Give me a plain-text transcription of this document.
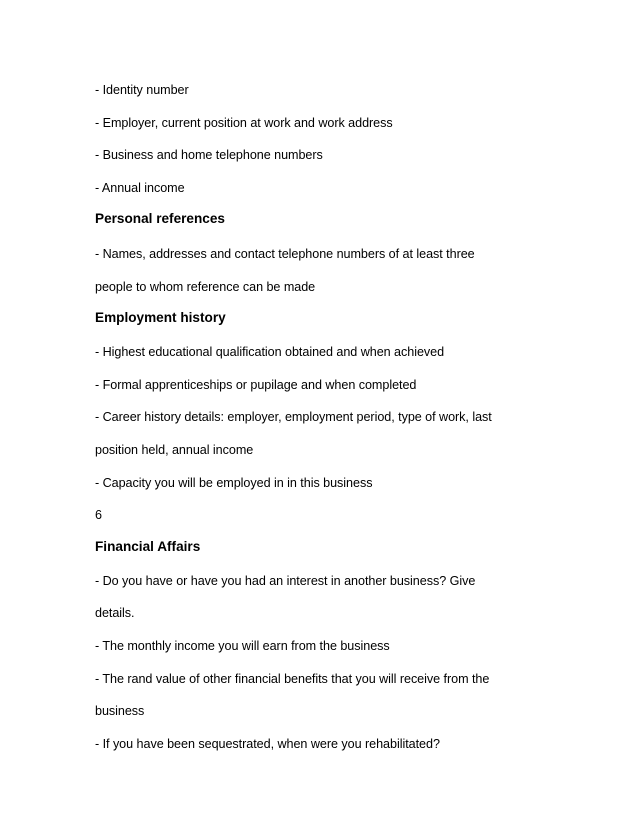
- Identity number
- Employer, current position at work and work address
- Business and home telephone numbers
- Annual income
Personal references
- Names, addresses and contact telephone numbers of at least three
people to whom reference can be made
Employment history
- Highest educational qualification obtained and when achieved
- Formal apprenticeships or pupilage and when completed
- Career history details: employer, employment period, type of work, last
position held, annual income
- Capacity you will be employed in in this business
6
Financial Affairs
- Do you have or have you had an interest in another business? Give
details.
- The monthly income you will earn from the business
- The rand value of other financial benefits that you will receive from the
business
- If you have been sequestrated, when were you rehabilitated?
